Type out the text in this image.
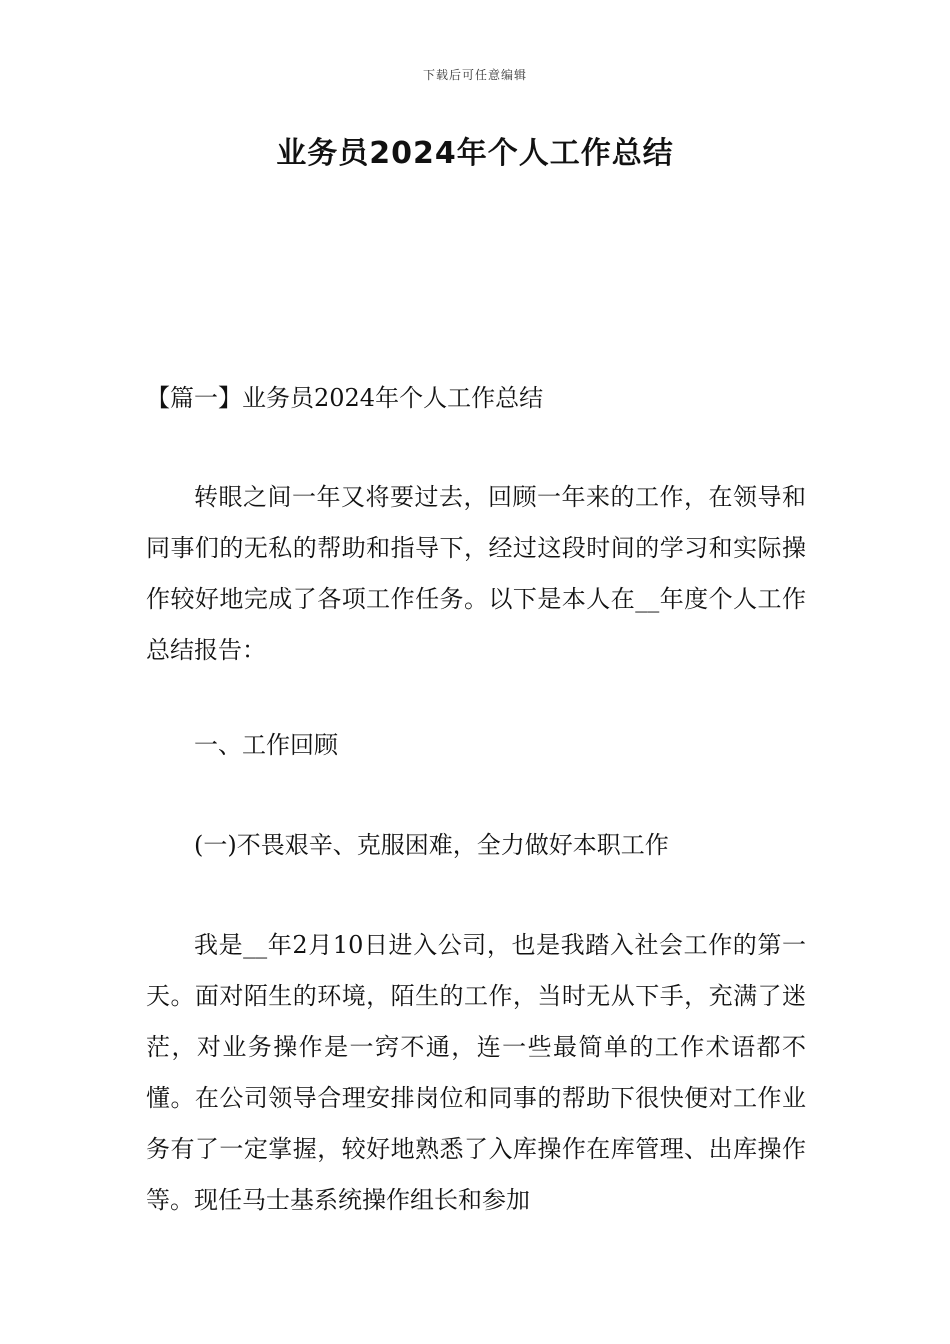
下载后可任意编辑
业务员2024年个人工作总结
【篇一】业务员2024年个人工作总结

转眼之间一年又将要过去，回顾一年来的工作，在领导和同事们的无私的帮助和指导下，经过这段时间的学习和实际操作较好地完成了各项工作任务。以下是本人在__年度个人工作总结报告：

一、工作回顾
(一)不畏艰辛、克服困难，全力做好本职工作

我是__年2月10日进入公司，也是我踏入社会工作的第一天。面对陌生的环境，陌生的工作，当时无从下手，充满了迷茫，对业务操作是一窍不通，连一些最简单的工作术语都不懂。在公司领导合理安排岗位和同事的帮助下很快便对工作业务有了一定掌握，较好地熟悉了入库操作在库管理、出库操作等。现任马士基系统操作组长和参加
